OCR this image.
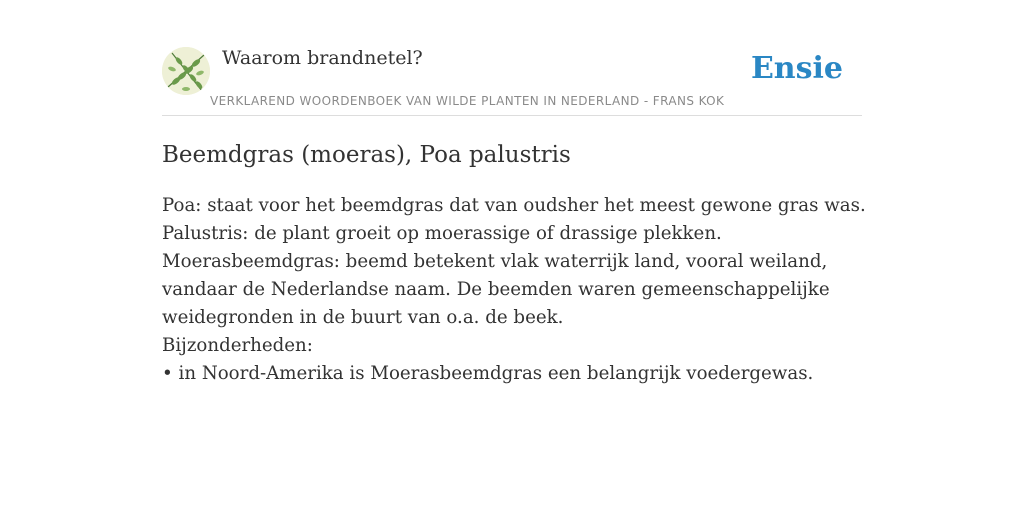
Waarom brandnetel?
VERKLAREND WOORDENBOEK VAN WILDE PLANTEN IN NEDERLAND - FRANS KOK
Ensie
Beemdgras (moeras), Poa palustris

Poa: staat voor het beemdgras dat van oudsher het meest gewone gras was.

Palustris: de plant groeit op moerassige of drassige plekken.

Moerasbeemdgras: beemd betekent vlak waterrijk land, vooral weiland, vandaar de Nederlandse naam. De beemden waren gemeenschappelijke weidegronden in de buurt van o.a. de beek.

Bijzonderheden:

• in Noord-Amerika is Moerasbeemdgras een belangrijk voedergewas.
